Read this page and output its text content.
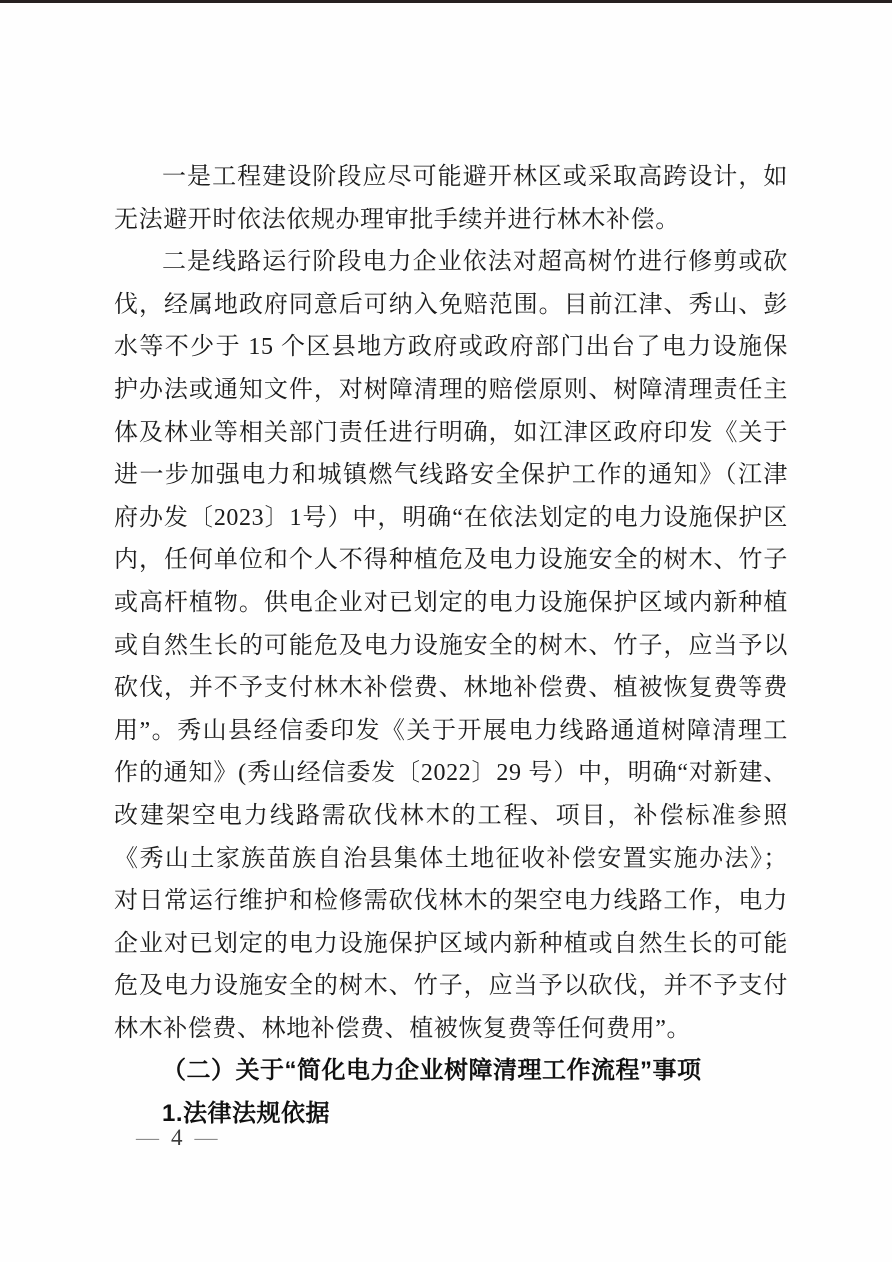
一是工程建设阶段应尽可能避开林区或采取高跨设计，如无法避开时依法依规办理审批手续并进行林木补偿。

二是线路运行阶段电力企业依法对超高树竹进行修剪或砍伐，经属地政府同意后可纳入免赔范围。目前江津、秀山、彭水等不少于 15 个区县地方政府或政府部门出台了电力设施保护办法或通知文件，对树障清理的赔偿原则、树障清理责任主体及林业等相关部门责任进行明确，如江津区政府印发《关于进一步加强电力和城镇燃气线路安全保护工作的通知》（江津府办发〔2023〕1号）中，明确“在依法划定的电力设施保护区内，任何单位和个人不得种植危及电力设施安全的树木、竹子或高杆植物。供电企业对已划定的电力设施保护区域内新种植或自然生长的可能危及电力设施安全的树木、竹子，应当予以砍伐，并不予支付林木补偿费、林地补偿费、植被恢复费等费用”。秀山县经信委印发《关于开展电力线路通道树障清理工作的通知》(秀山经信委发〔2022〕29 号）中，明确“对新建、改建架空电力线路需砍伐林木的工程、项目，补偿标准参照《秀山土家族苗族自治县集体土地征收补偿安置实施办法》；对日常运行维护和检修需砍伐林木的架空电力线路工作，电力企业对已划定的电力设施保护区域内新种植或自然生长的可能危及电力设施安全的树木、竹子，应当予以砍伐，并不予支付林木补偿费、林地补偿费、植被恢复费等任何费用”。

（二）关于“简化电力企业树障清理工作流程”事项
1.法律法规依据
— 4 —
